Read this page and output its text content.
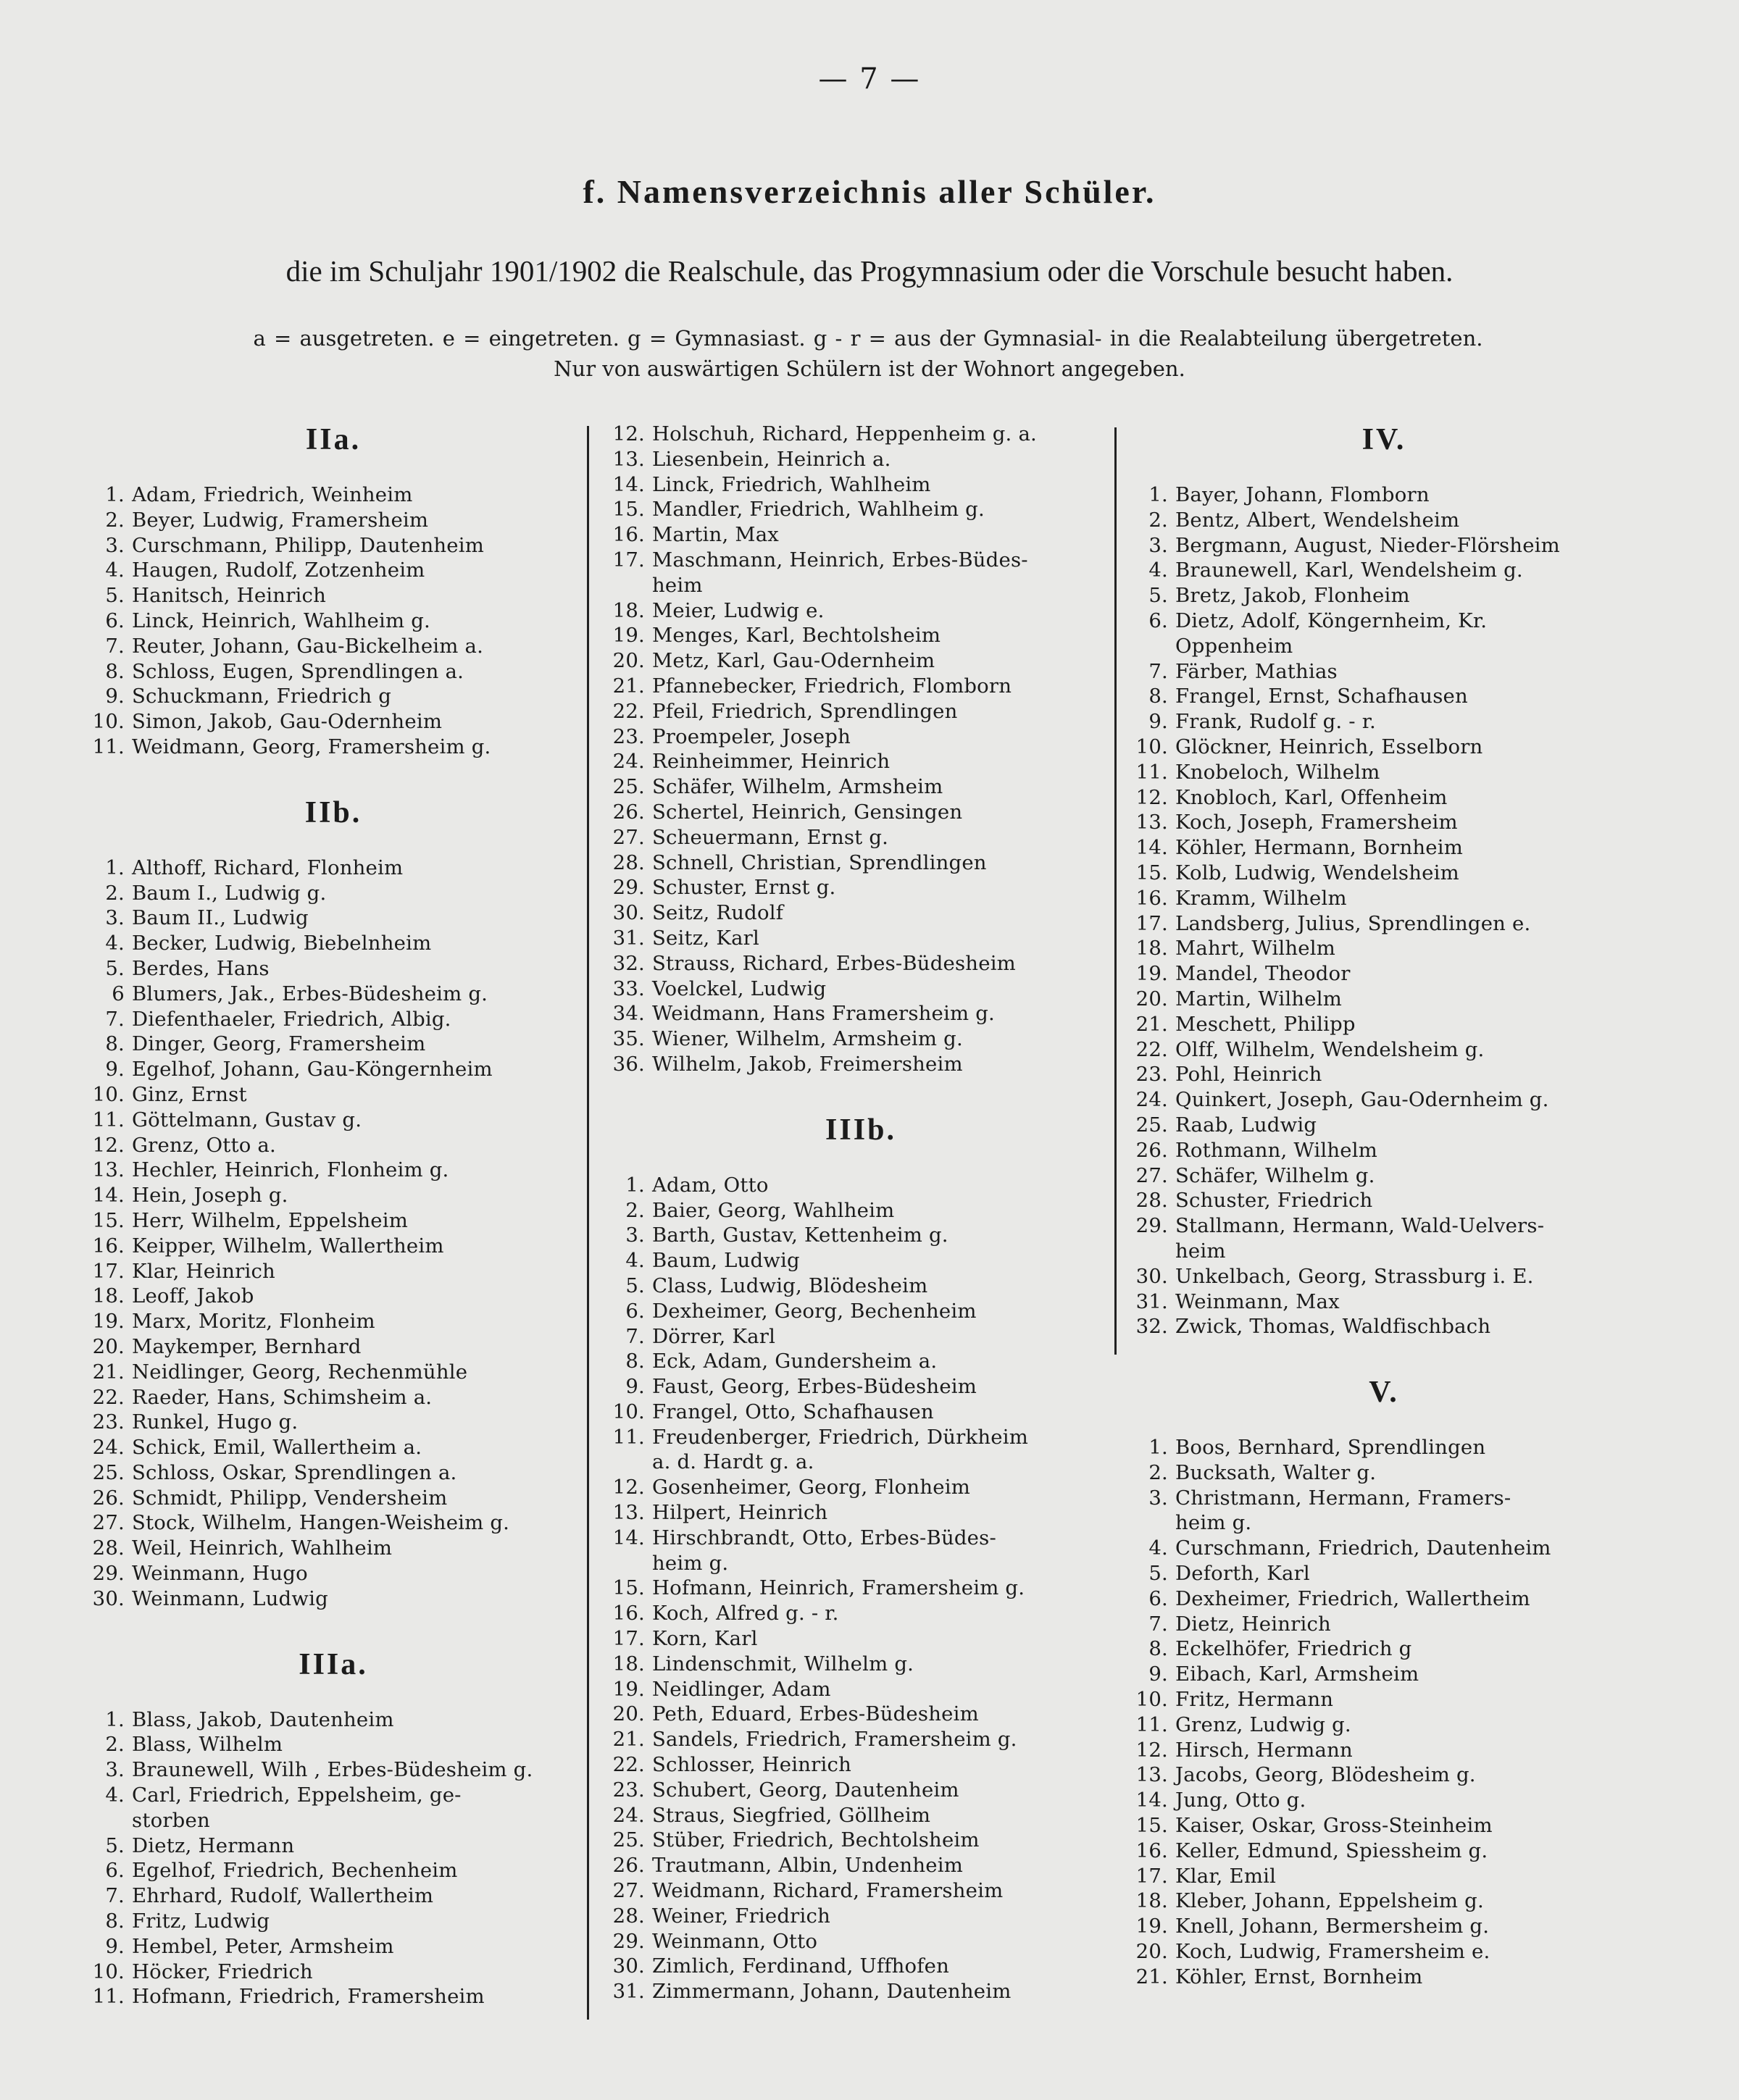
— 7 —
f. Namensverzeichnis aller Schüler.
die im Schuljahr 1901/1902 die Realschule, das Progymnasium oder die Vorschule besucht haben.
a = ausgetreten. e = eingetreten. g = Gymnasiast. g - r = aus der Gymnasial- in die Realabteilung übergetreten.
Nur von auswärtigen Schülern ist der Wohnort angegeben.
IIa.
1. Adam, Friedrich, Weinheim
2. Beyer, Ludwig, Framersheim
3. Curschmann, Philipp, Dautenheim
4. Haugen, Rudolf, Zotzenheim
5. Hanitsch, Heinrich
6. Linck, Heinrich, Wahlheim g.
7. Reuter, Johann, Gau-Bickelheim a.
8. Schloss, Eugen, Sprendlingen a.
9. Schuckmann, Friedrich g
10. Simon, Jakob, Gau-Odernheim
11. Weidmann, Georg, Framersheim g.
IIb.
1. Althoff, Richard, Flonheim
2. Baum I., Ludwig g.
3. Baum II., Ludwig
4. Becker, Ludwig, Biebelnheim
5. Berdes, Hans
6 Blumers, Jak., Erbes-Büdesheim g.
7. Diefenthaeler, Friedrich, Albig.
8. Dinger, Georg, Framersheim
9. Egelhof, Johann, Gau-Köngernheim
10. Ginz, Ernst
11. Göttelmann, Gustav g.
12. Grenz, Otto a.
13. Hechler, Heinrich, Flonheim g.
14. Hein, Joseph g.
15. Herr, Wilhelm, Eppelsheim
16. Keipper, Wilhelm, Wallertheim
17. Klar, Heinrich
18. Leoff, Jakob
19. Marx, Moritz, Flonheim
20. Maykemper, Bernhard
21. Neidlinger, Georg, Rechenmühle
22. Raeder, Hans, Schimsheim a.
23. Runkel, Hugo g.
24. Schick, Emil, Wallertheim a.
25. Schloss, Oskar, Sprendlingen a.
26. Schmidt, Philipp, Vendersheim
27. Stock, Wilhelm, Hangen-Weisheim g.
28. Weil, Heinrich, Wahlheim
29. Weinmann, Hugo
30. Weinmann, Ludwig
IIIa.
1. Blass, Jakob, Dautenheim
2. Blass, Wilhelm
3. Braunewell, Wilh , Erbes-Büdesheim g.
4. Carl, Friedrich, Eppelsheim, ge-
storben
5. Dietz, Hermann
6. Egelhof, Friedrich, Bechenheim
7. Ehrhard, Rudolf, Wallertheim
8. Fritz, Ludwig
9. Hembel, Peter, Armsheim
10. Höcker, Friedrich
11. Hofmann, Friedrich, Framersheim
12. Holschuh, Richard, Heppenheim g. a.
13. Liesenbein, Heinrich a.
14. Linck, Friedrich, Wahlheim
15. Mandler, Friedrich, Wahlheim g.
16. Martin, Max
17. Maschmann, Heinrich, Erbes-Büdes-
heim
18. Meier, Ludwig e.
19. Menges, Karl, Bechtolsheim
20. Metz, Karl, Gau-Odernheim
21. Pfannebecker, Friedrich, Flomborn
22. Pfeil, Friedrich, Sprendlingen
23. Proempeler, Joseph
24. Reinheimmer, Heinrich
25. Schäfer, Wilhelm, Armsheim
26. Schertel, Heinrich, Gensingen
27. Scheuermann, Ernst g.
28. Schnell, Christian, Sprendlingen
29. Schuster, Ernst g.
30. Seitz, Rudolf
31. Seitz, Karl
32. Strauss, Richard, Erbes-Büdesheim
33. Voelckel, Ludwig
34. Weidmann, Hans Framersheim g.
35. Wiener, Wilhelm, Armsheim g.
36. Wilhelm, Jakob, Freimersheim
IIIb.
1. Adam, Otto
2. Baier, Georg, Wahlheim
3. Barth, Gustav, Kettenheim g.
4. Baum, Ludwig
5. Class, Ludwig, Blödesheim
6. Dexheimer, Georg, Bechenheim
7. Dörrer, Karl
8. Eck, Adam, Gundersheim a.
9. Faust, Georg, Erbes-Büdesheim
10. Frangel, Otto, Schafhausen
11. Freudenberger, Friedrich, Dürkheim
a. d. Hardt g. a.
12. Gosenheimer, Georg, Flonheim
13. Hilpert, Heinrich
14. Hirschbrandt, Otto, Erbes-Büdes-
heim g.
15. Hofmann, Heinrich, Framersheim g.
16. Koch, Alfred g. - r.
17. Korn, Karl
18. Lindenschmit, Wilhelm g.
19. Neidlinger, Adam
20. Peth, Eduard, Erbes-Büdesheim
21. Sandels, Friedrich, Framersheim g.
22. Schlosser, Heinrich
23. Schubert, Georg, Dautenheim
24. Straus, Siegfried, Göllheim
25. Stüber, Friedrich, Bechtolsheim
26. Trautmann, Albin, Undenheim
27. Weidmann, Richard, Framersheim
28. Weiner, Friedrich
29. Weinmann, Otto
30. Zimlich, Ferdinand, Uffhofen
31. Zimmermann, Johann, Dautenheim
IV.
1. Bayer, Johann, Flomborn
2. Bentz, Albert, Wendelsheim
3. Bergmann, August, Nieder-Flörsheim
4. Braunewell, Karl, Wendelsheim g.
5. Bretz, Jakob, Flonheim
6. Dietz, Adolf, Köngernheim, Kr.
Oppenheim
7. Färber, Mathias
8. Frangel, Ernst, Schafhausen
9. Frank, Rudolf g. - r.
10. Glöckner, Heinrich, Esselborn
11. Knobeloch, Wilhelm
12. Knobloch, Karl, Offenheim
13. Koch, Joseph, Framersheim
14. Köhler, Hermann, Bornheim
15. Kolb, Ludwig, Wendelsheim
16. Kramm, Wilhelm
17. Landsberg, Julius, Sprendlingen e.
18. Mahrt, Wilhelm
19. Mandel, Theodor
20. Martin, Wilhelm
21. Meschett, Philipp
22. Olff, Wilhelm, Wendelsheim g.
23. Pohl, Heinrich
24. Quinkert, Joseph, Gau-Odernheim g.
25. Raab, Ludwig
26. Rothmann, Wilhelm
27. Schäfer, Wilhelm g.
28. Schuster, Friedrich
29. Stallmann, Hermann, Wald-Uelvers-
heim
30. Unkelbach, Georg, Strassburg i. E.
31. Weinmann, Max
32. Zwick, Thomas, Waldfischbach
V.
1. Boos, Bernhard, Sprendlingen
2. Bucksath, Walter g.
3. Christmann, Hermann, Framers-
heim g.
4. Curschmann, Friedrich, Dautenheim
5. Deforth, Karl
6. Dexheimer, Friedrich, Wallertheim
7. Dietz, Heinrich
8. Eckelhöfer, Friedrich g
9. Eibach, Karl, Armsheim
10. Fritz, Hermann
11. Grenz, Ludwig g.
12. Hirsch, Hermann
13. Jacobs, Georg, Blödesheim g.
14. Jung, Otto g.
15. Kaiser, Oskar, Gross-Steinheim
16. Keller, Edmund, Spiessheim g.
17. Klar, Emil
18. Kleber, Johann, Eppelsheim g.
19. Knell, Johann, Bermersheim g.
20. Koch, Ludwig, Framersheim e.
21. Köhler, Ernst, Bornheim
